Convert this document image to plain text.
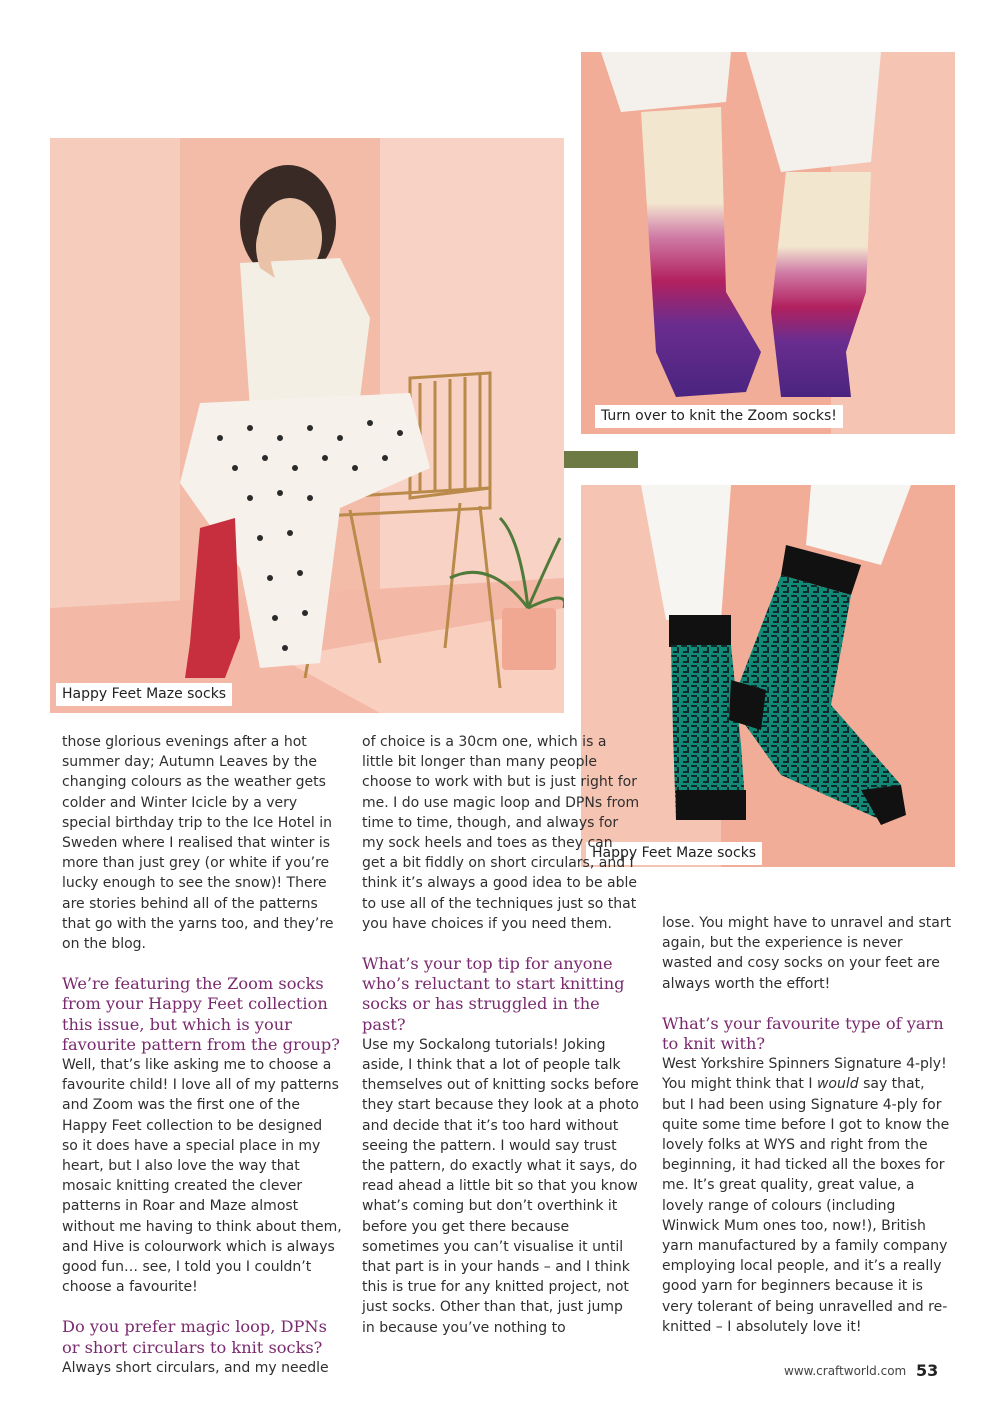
Happy Feet Maze socks
Turn over to knit the Zoom socks!
Happy Feet Maze socks

those glorious evenings after a hot summer day; Autumn Leaves by the changing colours as the weather gets colder and Winter Icicle by a very special birthday trip to the Ice Hotel in Sweden where I realised that winter is more than just grey (or white if you’re lucky enough to see the snow)! There are stories behind all of the patterns that go with the yarns too, and they’re on the blog.

We’re featuring the Zoom socks from your Happy Feet collection this issue, but which is your favourite pattern from the group?

Well, that’s like asking me to choose a favourite child! I love all of my patterns and Zoom was the first one of the Happy Feet collection to be designed so it does have a special place in my heart, but I also love the way that mosaic knitting created the clever patterns in Roar and Maze almost without me having to think about them, and Hive is colourwork which is always good fun… see, I told you I couldn’t choose a favourite!

Do you prefer magic loop, DPNs or short circulars to knit socks?

Always short circulars, and my needle

of choice is a 30cm one, which is a little bit longer than many people choose to work with but is just right for me. I do use magic loop and DPNs from time to time, though, and always for my sock heels and toes as they can get a bit fiddly on short circulars, and I think it’s always a good idea to be able to use all of the techniques just so that you have choices if you need them.

What’s your top tip for anyone who’s reluctant to start knitting socks or has struggled in the past?

Use my Sockalong tutorials! Joking aside, I think that a lot of people talk themselves out of knitting socks before they start because they look at a photo and decide that it’s too hard without seeing the pattern. I would say trust the pattern, do exactly what it says, do read ahead a little bit so that you know what’s coming but don’t overthink it before you get there because sometimes you can’t visualise it until that part is in your hands – and I think this is true for any knitted project, not just socks. Other than that, just jump in because you’ve nothing to

lose. You might have to unravel and start again, but the experience is never wasted and cosy socks on your feet are always worth the effort!

What’s your favourite type of yarn to knit with?

West Yorkshire Spinners Signature 4-ply! You might think that I would say that, but I had been using Signature 4-ply for quite some time before I got to know the lovely folks at WYS and right from the beginning, it had ticked all the boxes for me. It’s great quality, great value, a lovely range of colours (including Winwick Mum ones too, now!), British yarn manufactured by a family company employing local people, and it’s a really good yarn for beginners because it is very tolerant of being unravelled and re-knitted – I absolutely love it!

www.craftworld.com 53
